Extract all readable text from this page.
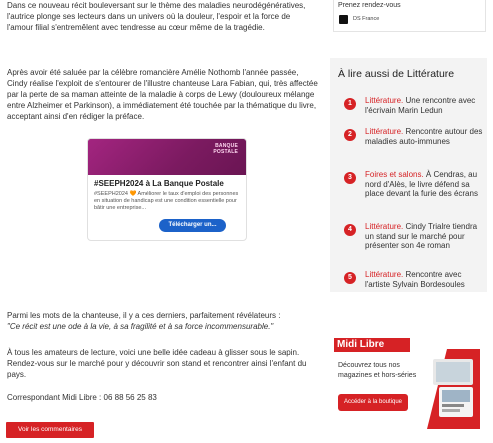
Dans ce nouveau récit bouleversant sur le thème des maladies neurodégénératives, l'autrice plonge ses lecteurs dans un univers où la douleur, l'espoir et la force de l'amour filial s'entremêlent avec tendresse au cœur même de la tragédie.

Après avoir été saluée par la célèbre romancière Amélie Nothomb l'année passée, Cindy réalise l'exploit de s'entourer de l'illustre chanteuse Lara Fabian, qui, très affectée par la perte de sa maman atteinte de la maladie à corps de Lewy (douloureux mélange entre Alzheimer et Parkinson), a immédiatement été touchée par la thématique du livre, acceptant ainsi d'en rédiger la préface.

BANQUE
POSTALE
#SEEPH2024 à La Banque Postale
#SEEPH2024 🧡 Améliorer le taux d'emploi des personnes en situation de handicap est une condition essentielle pour bâtir une entreprise...
Télécharger un...

Parmi les mots de la chanteuse, il y a ces derniers, parfaitement révélateurs :
"Ce récit est une ode à la vie, à sa fragilité et à sa force incommensurable."

À tous les amateurs de lecture, voici une belle idée cadeau à glisser sous le sapin. Rendez-vous sur le marché pour y découvrir son stand et rencontrer ainsi l'enfant du pays.

Correspondant Midi Libre : 06 88 56 25 83

Voir les commentaires
Prenez rendez-vous
DS France
À lire aussi de Littérature
1	Littérature. Une rencontre avec l'écrivain Marin Ledun
2	Littérature. Rencontre autour des maladies auto-immunes
3	Foires et salons. À Cendras, au nord d'Alès, le livre défend sa place devant la furie des écrans
4	Littérature. Cindy Trialre tiendra un stand sur le marché pour présenter son 4e roman
5	Littérature. Rencontre avec l'artiste Sylvain Bordesoules
Midi Libre
Découvrez tous nos magazines et hors-séries
Accéder à la boutique
